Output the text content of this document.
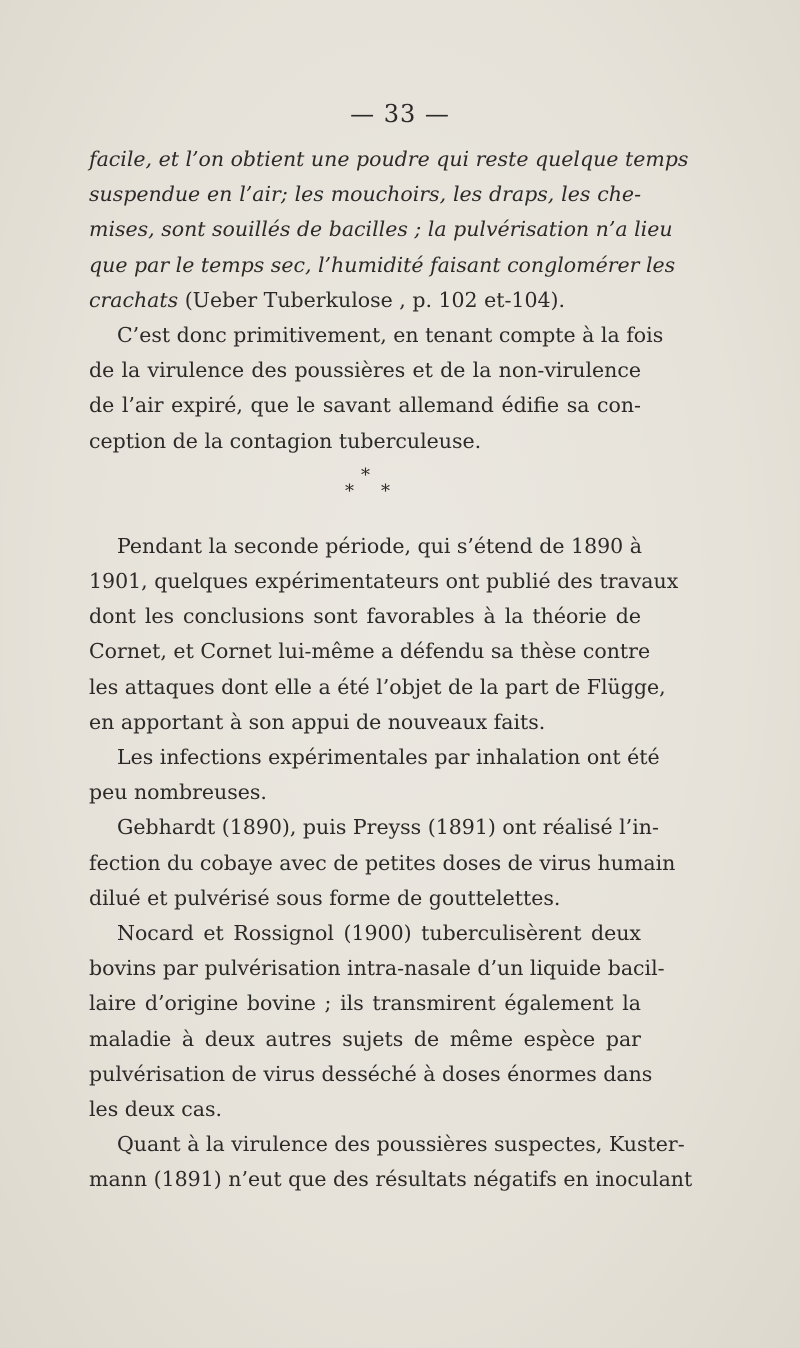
— 33 —
facile, et l’on obtient une poudre qui reste quelque temps
suspendue en l’air; les mouchoirs, les draps, les che-
mises, sont souillés de bacilles ; la pulvérisation n’a lieu
que par le temps sec, l’humidité faisant conglomérer les
crachats (Ueber Tuberkulose , p. 102 et-104).
C’est donc primitivement, en tenant compte à la fois
de la virulence des poussières et de la non-virulence
de l’air expiré, que le savant allemand édifie sa con-
ception de la contagion tuberculeuse.
*
* *
Pendant la seconde période, qui s’étend de 1890 à
1901, quelques expérimentateurs ont publié des travaux
dont les conclusions sont favorables à la théorie de
Cornet, et Cornet lui-même a défendu sa thèse contre
les attaques dont elle a été l’objet de la part de Flügge,
en apportant à son appui de nouveaux faits.
Les infections expérimentales par inhalation ont été
peu nombreuses.
Gebhardt (1890), puis Preyss (1891) ont réalisé l’in-
fection du cobaye avec de petites doses de virus humain
dilué et pulvérisé sous forme de gouttelettes.
Nocard et Rossignol (1900) tuberculisèrent deux
bovins par pulvérisation intra-nasale d’un liquide bacil-
laire d’origine bovine ; ils transmirent également la
maladie à deux autres sujets de même espèce par
pulvérisation de virus desséché à doses énormes dans
les deux cas.
Quant à la virulence des poussières suspectes, Kuster-
mann (1891) n’eut que des résultats négatifs en inoculant
